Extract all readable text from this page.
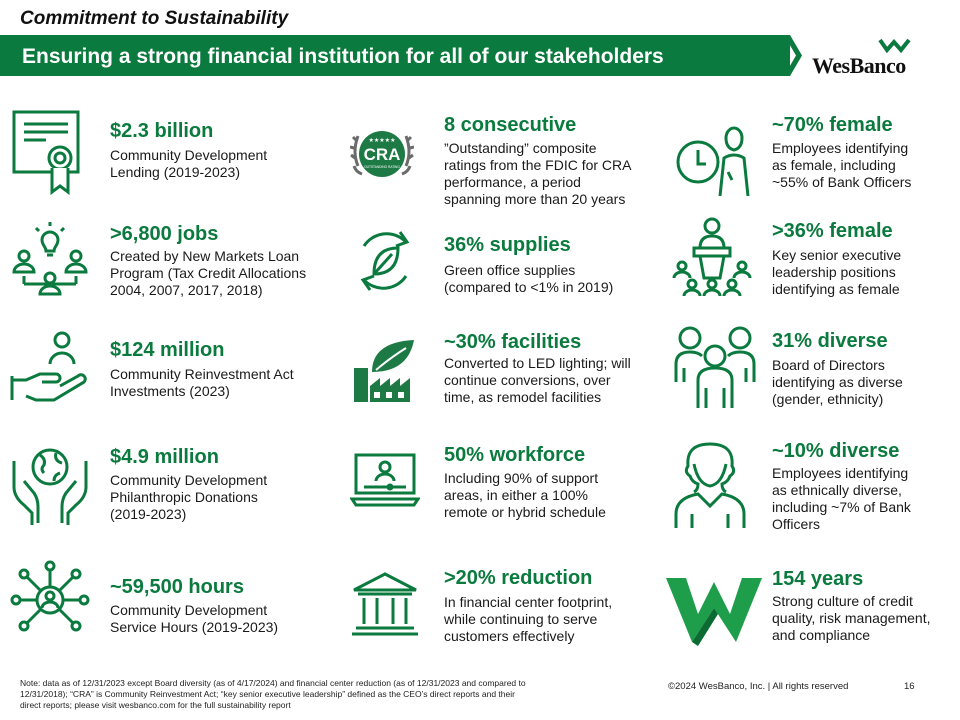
Commitment to Sustainability
Ensuring a strong financial institution for all of our stakeholders	WesBanco
$2.3 billion
Community Development
Lending (2019-2023)
>6,800 jobs
Created by New Markets Loan
Program (Tax Credit Allocations
2004, 2007, 2017, 2018)
$124 million
Community Reinvestment Act
Investments (2023)
$4.9 million
Community Development
Philanthropic Donations
(2019-2023)
~59,500 hours
Community Development
Service Hours (2019-2023)
CRA
OUTSTANDING RATING
★★★★★
8 consecutive
”Outstanding” composite
ratings from the FDIC for CRA
performance, a period
spanning more than 20 years
36% supplies
Green office supplies
(compared to <1% in 2019)
~30% facilities
Converted to LED lighting; will
continue conversions, over
time, as remodel facilities
50% workforce
Including 90% of support
areas, in either a 100%
remote or hybrid schedule
>20% reduction
In financial center footprint,
while continuing to serve
customers effectively
~70% female
Employees identifying
as female, including
~55% of Bank Officers
>36% female
Key senior executive
leadership positions
identifying as female
31% diverse
Board of Directors
identifying as diverse
(gender, ethnicity)
~10% diverse
Employees identifying
as ethnically diverse,
including ~7% of Bank
Officers
154 years
Strong culture of credit
quality, risk management,
and compliance
Note: data as of 12/31/2023 except Board diversity (as of 4/17/2024) and financial center reduction (as of 12/31/2023 and compared to
12/31/2018); “CRA” is Community Reinvestment Act; “key senior executive leadership” defined as the CEO’s direct reports and their
direct reports; please visit wesbanco.com for the full sustainability report
©2024 WesBanco, Inc. | All rights reserved	16
